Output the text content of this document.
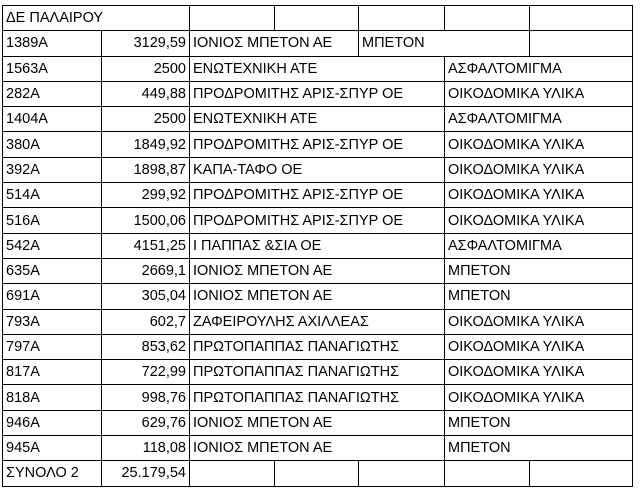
ΔΕ ΠΑΛΑΙΡΟΥ						
1389Α	3129,59	ΙΟΝΙΟΣ ΜΠΕΤΟΝ ΑΕ		ΜΠΕΤΟΝ		
1563Α	2500	ΕΝΩΤΕΧΝΙΚΗ ΑΤΕ			ΑΣΦΑΛΤΟΜΙΓΜΑ	
282Α	449,88	ΠΡΟΔΡΟΜΙΤΗΣ ΑΡΙΣ-ΣΠΥΡ ΟΕ			ΟΙΚΟΔΟΜΙΚΑ ΥΛΙΚΑ	
1404Α	2500	ΕΝΩΤΕΧΝΙΚΗ ΑΤΕ			ΑΣΦΑΛΤΟΜΙΓΜΑ	
380Α	1849,92	ΠΡΟΔΡΟΜΙΤΗΣ ΑΡΙΣ-ΣΠΥΡ ΟΕ			ΟΙΚΟΔΟΜΙΚΑ ΥΛΙΚΑ	
392Α	1898,87	ΚΑΠΑ-ΤΑΦΟ ΟΕ			ΟΙΚΟΔΟΜΙΚΑ ΥΛΙΚΑ	
514Α	299,92	ΠΡΟΔΡΟΜΙΤΗΣ ΑΡΙΣ-ΣΠΥΡ ΟΕ			ΟΙΚΟΔΟΜΙΚΑ ΥΛΙΚΑ	
516Α	1500,06	ΠΡΟΔΡΟΜΙΤΗΣ ΑΡΙΣ-ΣΠΥΡ ΟΕ			ΟΙΚΟΔΟΜΙΚΑ ΥΛΙΚΑ	
542Α	4151,25	Ι ΠΑΠΠΑΣ &ΣΙΑ ΟΕ			ΑΣΦΑΛΤΟΜΙΓΜΑ	
635Α	2669,1	ΙΟΝΙΟΣ ΜΠΕΤΟΝ ΑΕ			ΜΠΕΤΟΝ	
691Α	305,04	ΙΟΝΙΟΣ ΜΠΕΤΟΝ ΑΕ			ΜΠΕΤΟΝ	
793Α	602,7	ΖΑΦΕΙΡΟΥΛΗΣ ΑΧΙΛΛΕΑΣ			ΟΙΚΟΔΟΜΙΚΑ ΥΛΙΚΑ	
797Α	853,62	ΠΡΩΤΟΠΑΠΠΑΣ ΠΑΝΑΓΙΩΤΗΣ			ΟΙΚΟΔΟΜΙΚΑ ΥΛΙΚΑ	
817Α	722,99	ΠΡΩΤΟΠΑΠΠΑΣ ΠΑΝΑΓΙΩΤΗΣ			ΟΙΚΟΔΟΜΙΚΑ ΥΛΙΚΑ	
818Α	998,76	ΠΡΩΤΟΠΑΠΠΑΣ ΠΑΝΑΓΙΩΤΗΣ			ΟΙΚΟΔΟΜΙΚΑ ΥΛΙΚΑ	
946Α	629,76	ΙΟΝΙΟΣ ΜΠΕΤΟΝ ΑΕ			ΜΠΕΤΟΝ	
945Α	118,08	ΙΟΝΙΟΣ ΜΠΕΤΟΝ ΑΕ			ΜΠΕΤΟΝ	
ΣΥΝΟΛΟ 2	25.179,54					
